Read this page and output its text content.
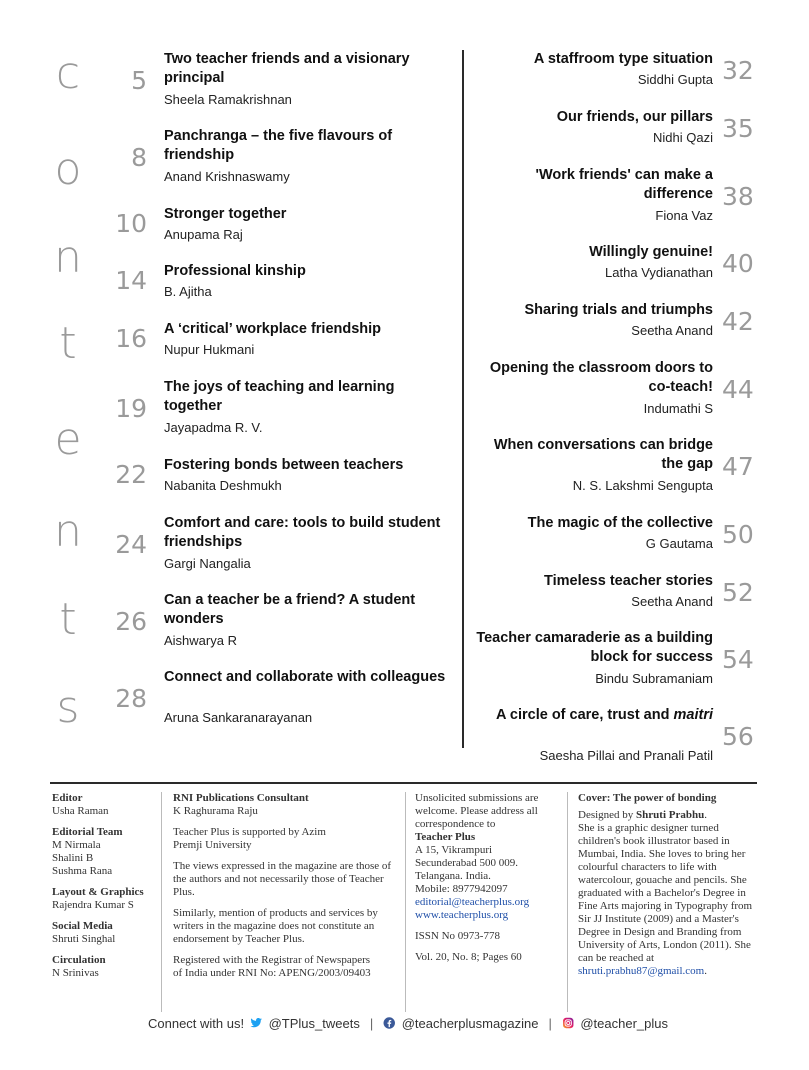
c
o
n
t
e
n
t
s
5
Two teacher friends and a visionary principal
Sheela Ramakrishnan
8
Panchranga – the five flavours of friendship
Anand Krishnaswamy
10 Stronger together
Anupama Raj
14 Professional kinship
B. Ajitha
16 A ‘critical’ workplace friendship
Nupur Hukmani
19
The joys of teaching and learning together
Jayapadma R. V.
22 Fostering bonds between teachers
Nabanita Deshmukh
24
Comfort and care: tools to build student friendships
Gargi Nangalia
26
Can a teacher be a friend? A student wonders
Aishwarya R
28
Connect and collaborate with colleagues
Aruna Sankaranarayanan
A staffroom type situation
Siddhi Gupta 32
Our friends, our pillars
Nidhi Qazi 35
'Work friends' can make a difference
Fiona Vaz
38
Willingly genuine!
Latha Vydianathan 40
Sharing trials and triumphs
Seetha Anand 42
Opening the classroom doors to co-teach!
Indumathi S
44
When conversations can bridge the gap
N. S. Lakshmi Sengupta
47
The magic of the collective
G Gautama 50
Timeless teacher stories
Seetha Anand 52
Teacher camaraderie as a building block for success
Bindu Subramaniam
54
A circle of care, trust and maitri
Saesha Pillai and Pranali Patil
56

Editor

Usha Raman

Editorial Team

M Nirmala

Shalini B

Sushma Rana

Layout & Graphics

Rajendra Kumar S

Social Media

Shruti Singhal

Circulation

N Srinivas

RNI Publications Consultant

K Raghurama Raju

Teacher Plus is supported by Azim Premji University

The views expressed in the magazine are those of the authors and not necessarily those of Teacher Plus.

Similarly, mention of products and services by writers in the magazine does not constitute an endorsement by Teacher Plus.

Registered with the Registrar of Newspapers of India under RNI No: APENG/2003/09403

Unsolicited submissions are welcome. Please address all correspondence to

Teacher Plus

A 15, Vikrampuri

Secunderabad 500 009.

Telangana. India.

Mobile: 8977942097

editorial@teacherplus.org

www.teacherplus.org

ISSN No 0973-778

Vol. 20, No. 8; Pages 60

Cover: The power of bonding

Designed by Shruti Prabhu.

She is a graphic designer turned children's book illustrator based in Mumbai, India. She loves to bring her colourful characters to life with watercolour, gouache and pencils. She graduated with a Bachelor's Degree in Fine Arts majoring in Typography from Sir JJ Institute (2009) and a Master's Degree in Design and Branding from University of Arts, London (2011). She can be reached at

shruti.prabhu87@gmail.com.

Connect with us! @TPlus_tweets | @teacherplusmagazine | @teacher_plus
